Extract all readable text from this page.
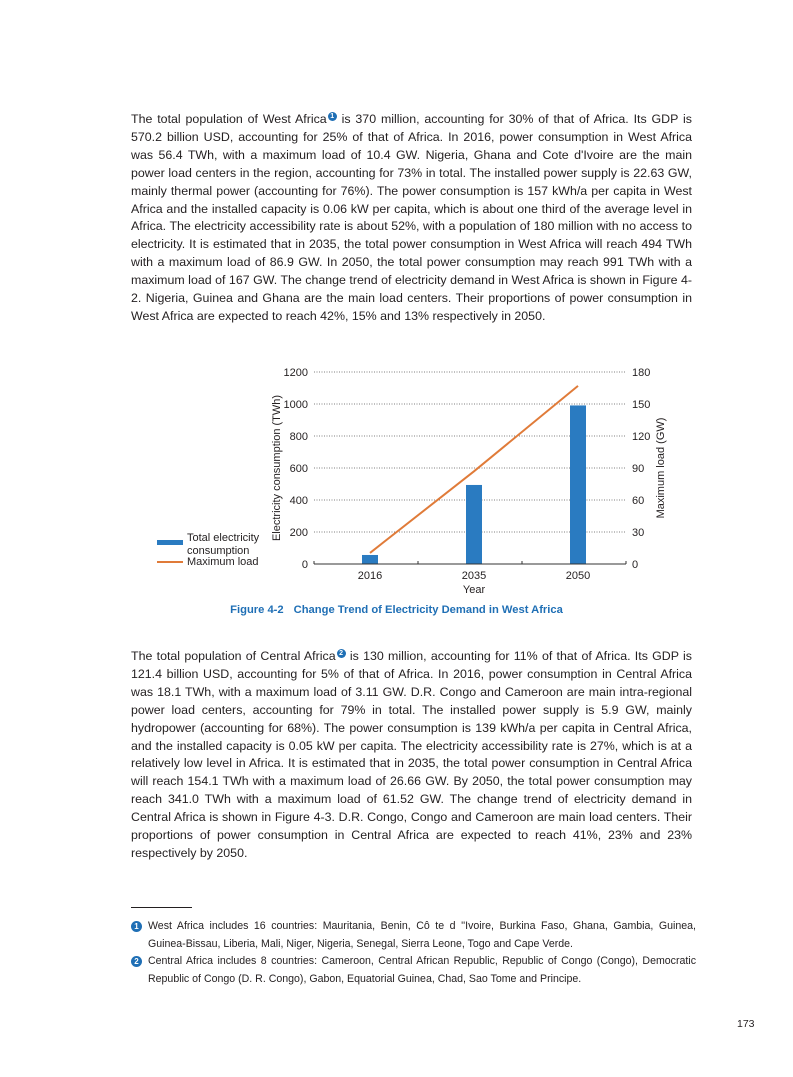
The total population of West Africa 1 is 370 million, accounting for 30% of that of Africa. Its GDP is 570.2 billion USD, accounting for 25% of that of Africa. In 2016, power consumption in West Africa was 56.4 TWh, with a maximum load of 10.4 GW. Nigeria, Ghana and Cote d'Ivoire are the main power load centers in the region, accounting for 73% in total. The installed power supply is 22.63 GW, mainly thermal power (accounting for 76%). The power consumption is 157 kWh/a per capita in West Africa and the installed capacity is 0.06 kW per capita, which is about one third of the average level in Africa. The electricity accessibility rate is about 52%, with a population of 180 million with no access to electricity. It is estimated that in 2035, the total power consumption in West Africa will reach 494 TWh with a maximum load of 86.9 GW. In 2050, the total power consumption may reach 991 TWh with a maximum load of 167 GW. The change trend of electricity demand in West Africa is shown in Figure 4-2. Nigeria, Guinea and Ghana are the main load centers. Their proportions of power consumption in West Africa are expected to reach 42%, 15% and 13% respectively in 2050.

0	0
200	30
400	60
600	90
800	120
1000	150
1200	180
2016	2035	2050
Year
Electricity consumption (TWh)	Maximum load (GW)
Total electricity
consumption
Maximum load
Figure 4-2 Change Trend of Electricity Demand in West Africa

The total population of Central Africa 2 is 130 million, accounting for 11% of that of Africa. Its GDP is 121.4 billion USD, accounting for 5% of that of Africa. In 2016, power consumption in Central Africa was 18.1 TWh, with a maximum load of 3.11 GW. D.R. Congo and Cameroon are main intra-regional power load centers, accounting for 79% in total. The installed power supply is 5.9 GW, mainly hydropower (accounting for 68%). The power consumption is 139 kWh/a per capita in Central Africa, and the installed capacity is 0.05 kW per capita. The electricity accessibility rate is 27%, which is at a relatively low level in Africa. It is estimated that in 2035, the total power consumption in Central Africa will reach 154.1 TWh with a maximum load of 26.66 GW. By 2050, the total power consumption may reach 341.0 TWh with a maximum load of 61.52 GW. The change trend of electricity demand in Central Africa is shown in Figure 4-3. D.R. Congo, Congo and Cameroon are main load centers. Their proportions of power consumption in Central Africa are expected to reach 41%, 23% and 23% respectively by 2050.

1 West Africa includes 16 countries: Mauritania, Benin, Cô te d ''Ivoire, Burkina Faso, Ghana, Gambia, Guinea, Guinea-Bissau, Liberia, Mali, Niger, Nigeria, Senegal, Sierra Leone, Togo and Cape Verde.
2 Central Africa includes 8 countries: Cameroon, Central African Republic, Republic of Congo (Congo), Democratic Republic of Congo (D. R. Congo), Gabon, Equatorial Guinea, Chad, Sao Tome and Principe.
173
